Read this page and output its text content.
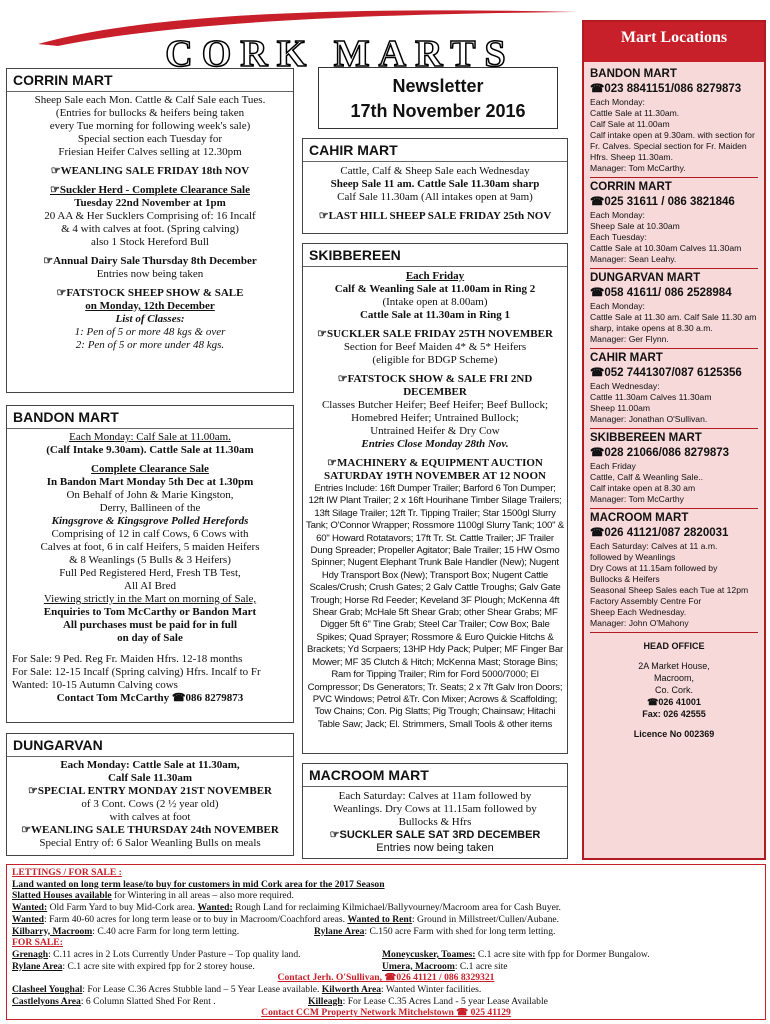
CORK MARTS
Newsletter
17th November 2016
CORRIN MART

Sheep Sale each Mon. Cattle & Calf Sale each Tues.

(Entries for bullocks & heifers being taken

every Tue morning for following week's sale)

Special section each Tuesday for

Friesian Heifer Calves selling at 12.30pm

☞WEANLING SALE FRIDAY 18th NOV

☞Suckler Herd - Complete Clearance Sale

Tuesday 22nd November at 1pm

20 AA & Her Sucklers Comprising of: 16 Incalf

& 4 with calves at foot. (Spring calving)

also 1 Stock Hereford Bull

☞Annual Dairy Sale Thursday 8th December

Entries now being taken

☞FATSTOCK SHEEP SHOW & SALE

on Monday, 12th December

List of Classes:

1: Pen of 5 or more 48 kgs & over

2: Pen of 5 or more under 48 kgs.

BANDON MART

Each Monday: Calf Sale at 11.00am.

(Calf Intake 9.30am). Cattle Sale at 11.30am

Complete Clearance Sale

In Bandon Mart Monday 5th Dec at 1.30pm

On Behalf of John & Marie Kingston,

Derry, Ballineen of the

Kingsgrove & Kingsgrove Polled Herefords

Comprising of 12 in calf Cows, 6 Cows with

Calves at foot, 6 in calf Heifers, 5 maiden Heifers

& 8 Weanlings (5 Bulls & 3 Heifers)

Full Ped Registered Herd, Fresh TB Test,

All AI Bred

Viewing strictly in the Mart on morning of Sale,

Enquiries to Tom McCarthy or Bandon Mart

All purchases must be paid for in full

on day of Sale

For Sale: 9 Ped. Reg Fr. Maiden Hfrs. 12-18 months

For Sale: 12-15 Incalf (Spring calving) Hfrs. Incalf to Fr

Wanted: 10-15 Autumn Calving cows

Contact Tom McCarthy ☎086 8279873

DUNGARVAN

Each Monday: Cattle Sale at 11.30am,

Calf Sale 11.30am

☞SPECIAL ENTRY MONDAY 21ST NOVEMBER

of 3 Cont. Cows (2 ½ year old)

with calves at foot

☞WEANLING SALE THURSDAY 24th NOVEMBER

Special Entry of: 6 Salor Weanling Bulls on meals

CAHIR MART

Cattle, Calf & Sheep Sale each Wednesday

Sheep Sale 11 am. Cattle Sale 11.30am sharp

Calf Sale 11.30am (All intakes open at 9am)

☞LAST HILL SHEEP SALE FRIDAY 25th NOV

SKIBBEREEN

Each Friday

Calf & Weanling Sale at 11.00am in Ring 2

(Intake open at 8.00am)

Cattle Sale at 11.30am in Ring 1

☞SUCKLER SALE FRIDAY 25TH NOVEMBER

Section for Beef Maiden 4* & 5* Heifers

(eligible for BDGP Scheme)

☞FATSTOCK SHOW & SALE FRI 2ND DECEMBER

Classes Butcher Heifer; Beef Heifer; Beef Bullock;

Homebred Heifer; Untrained Bullock;

Untrained Heifer & Dry Cow

Entries Close Monday 28th Nov.

☞MACHINERY & EQUIPMENT AUCTION

SATURDAY 19TH NOVEMBER AT 12 NOON

Entries Include: 16ft Dumper Trailer; Barford 6 Ton Dumper; 12ft IW Plant Trailer; 2 x 16ft Hourihane Timber Silage Trailers; 13ft Silage Trailer; 12ft Tr. Tipping Trailer; Star 1500gl Slurry Tank; O'Connor Wrapper; Rossmore 1100gl Slurry Tank; 100" & 60" Howard Rotatavors; 17ft Tr. St. Cattle Trailer; JF Trailer Dung Spreader; Propeller Agitator; Bale Trailer; 15 HW Osmo Spinner; Nugent Elephant Trunk Bale Handler (New); Nugent Hdy Transport Box (New); Transport Box; Nugent Cattle Scales/Crush; Crush Gates; 2 Galv Cattle Troughs; Galv Gate Trough; Horse Rd Feeder; Keveland 3F Plough; McKenna 4ft Shear Grab; McHale 5ft Shear Grab; other Shear Grabs; MF Digger 5ft 6" Tine Grab; Steel Car Trailer; Cow Box; Bale Spikes; Quad Sprayer; Rossmore & Euro Quickie Hitchs & Brackets; Yd Scrpaers; 13HP Hdy Pack; Pulper; MF Finger Bar Mower; MF 35 Clutch & Hitch; McKenna Mast; Storage Bins; Ram for Tipping Trailer; Rim for Ford 5000/7000; El Compressor; Ds Generators; Tr. Seats; 2 x 7ft Galv Iron Doors; PVC Windows; Petrol &Tr. Con Mixer; Acrows & Scaffolding; Tow Chains; Con. Pig Slatts; Pig Trough; Chainsaw; Hitachi Table Saw; Jack; El. Strimmers, Small Tools & other items

MACROOM MART

Each Saturday: Calves at 11am followed by

Weanlings. Dry Cows at 11.15am followed by

Bullocks & Hfrs

☞SUCKLER SALE SAT 3RD DECEMBER

Entries now being taken

Mart Locations
BANDON MART
☎023 8841151/086 8279873
Each Monday:
Cattle Sale at 11.30am.
Calf Sale at 11.00am
Calf intake open at 9.30am. with section for Fr. Calves. Special section for Fr. Maiden Hfrs. Sheep 11.30am.
Manager: Tom McCarthy.
CORRIN MART
☎025 31611 / 086 3821846
Each Monday:
Sheep Sale at 10.30am
Each Tuesday:
Cattle Sale at 10.30am Calves 11.30am
Manager: Sean Leahy.
DUNGARVAN MART
☎058 41611/ 086 2528984
Each Monday:
Cattle Sale at 11.30 am. Calf Sale 11.30 am sharp, intake opens at 8.30 a.m.
Manager: Ger Flynn.
CAHIR MART
☎052 7441307/087 6125356
Each Wednesday:
Cattle 11.30am Calves 11.30am
Sheep 11.00am
Manager: Jonathan O'Sullivan.
SKIBBEREEN MART
☎028 21066/086 8279873
Each Friday
Cattle, Calf & Weanling Sale..
Calf intake open at 8.30 am
Manager: Tom McCarthy
MACROOM MART
☎026 41121/087 2820031
Each Saturday: Calves at 11 a.m.
followed by Weanlings
Dry Cows at 11.15am followed by
Bullocks & Heifers
Seasonal Sheep Sales each Tue at 12pm
Factory Assembly Centre For
Sheep Each Wednesday.
Manager: John O'Mahony

HEAD OFFICE

2A Market House,

Macroom,

Co. Cork.

☎026 41001

Fax: 026 42555

Licence No 002369

LETTINGS / FOR SALE :

Land wanted on long term lease/to buy for customers in mid Cork area for the 2017 Season

Slatted Houses available for Wintering in all areas – also more required.

Wanted: Old Farm Yard to buy Mid-Cork area. Wanted: Rough Land for reclaiming Kilmichael/Ballyvourney/Macroom area for Cash Buyer.

Wanted: Farm 40-60 acres for long term lease or to buy in Macroom/Coachford areas. Wanted to Rent: Ground in Millstreet/Cullen/Aubane.

Kilbarry, Macroom: C.40 acre Farm for long term letting.	Rylane Area: C.150 acre Farm with shed for long term letting.

FOR SALE:

Grenagh: C.11 acres in 2 Lots Currently Under Pasture – Top quality land.	Moneycusker, Toames: C.1 acre site with fpp for Dormer Bungalow.

Rylane Area: C.1 acre site with expired fpp for 2 storey house.	Umera, Macroom: C.1 acre site

Contact Jerh. O'Sullivan, ☎026 41121 / 086 8329321

Clasheel Youghal: For Lease C.36 Acres Stubble land – 5 Year Lease available. Kilworth Area: Wanted Winter facilities.

Castlelyons Area: 6 Column Slatted Shed For Rent .	Killeagh: For Lease C.35 Acres Land - 5 year Lease Available

Contact CCM Property Network Mitchelstown ☎ 025 41129
